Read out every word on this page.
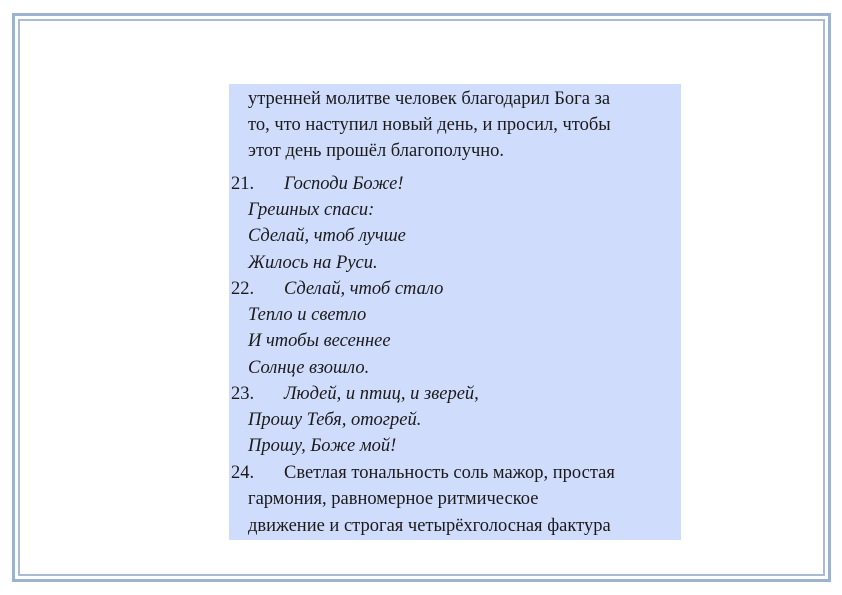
утренней молитве человек благодарил Бога за
то, что наступил новый день, и просил, чтобы
этот день прошёл благополучно.
21. Господи Боже!
Грешных спаси:
Сделай, чтоб лучше
Жилось на Руси.
22. Сделай, чтоб стало
Тепло и светло
И чтобы весеннее
Солнце взошло.
23. Людей, и птиц, и зверей,
Прошу Тебя, отогрей.
Прошу, Боже мой!
24. Светлая тональность соль мажор, простая
гармония, равномерное ритмическое
движение и строгая четырёхголосная фактура
